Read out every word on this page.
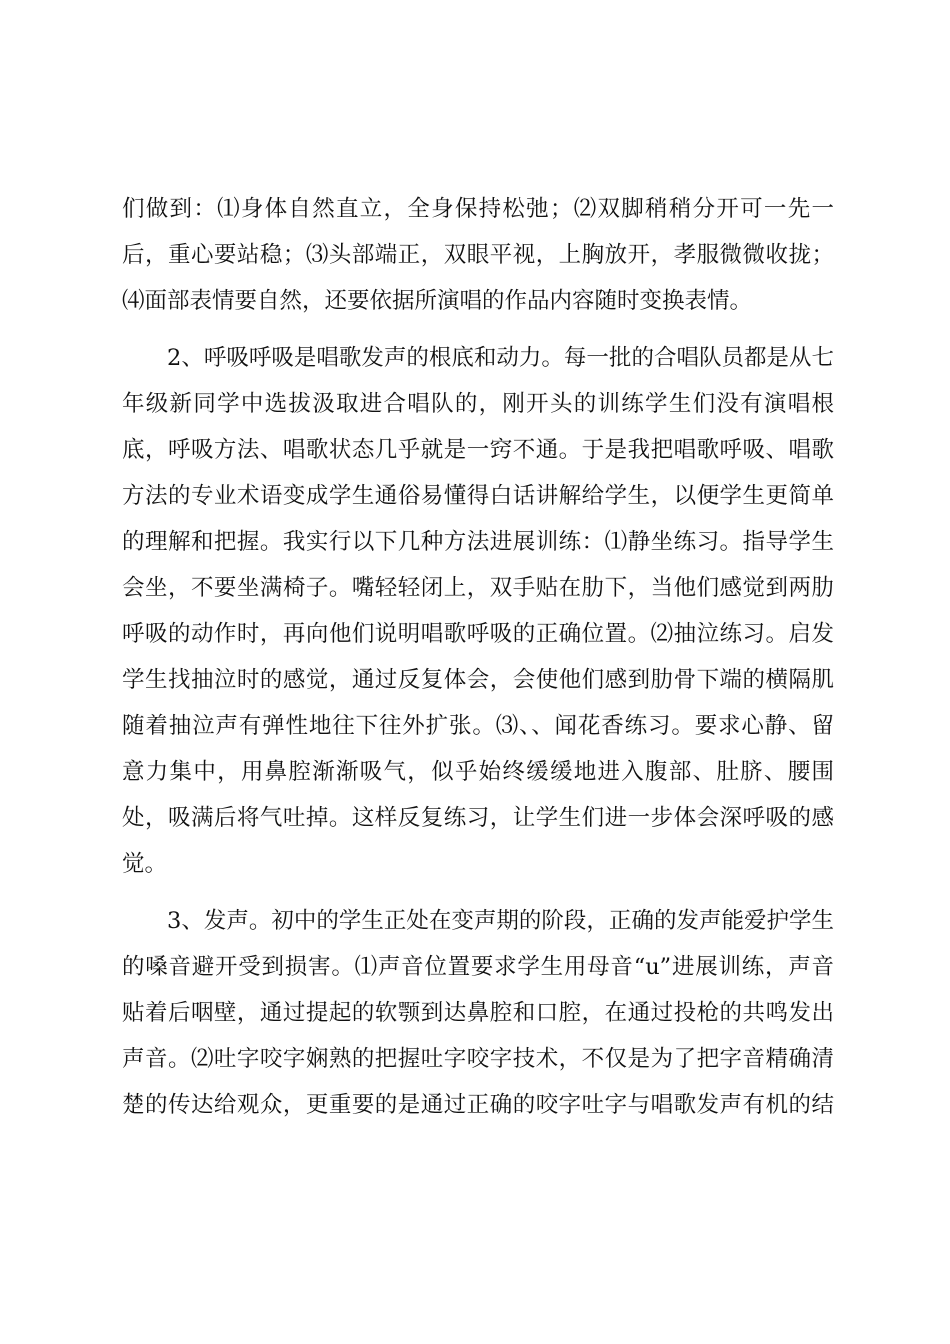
们做到：⑴身体自然直立，全身保持松弛；⑵双脚稍稍分开可一先一
后，重心要站稳；⑶头部端正，双眼平视，上胸放开，孝服微微收拢；
⑷面部表情要自然，还要依据所演唱的作品内容随时变换表情。
2、呼吸呼吸是唱歌发声的根底和动力。每一批的合唱队员都是从七
年级新同学中选拔汲取进合唱队的，刚开头的训练学生们没有演唱根
底，呼吸方法、唱歌状态几乎就是一窍不通。于是我把唱歌呼吸、唱歌
方法的专业术语变成学生通俗易懂得白话讲解给学生，以便学生更简单
的理解和把握。我实行以下几种方法进展训练：⑴静坐练习。指导学生
会坐，不要坐满椅子。嘴轻轻闭上，双手贴在肋下，当他们感觉到两肋
呼吸的动作时，再向他们说明唱歌呼吸的正确位置。⑵抽泣练习。启发
学生找抽泣时的感觉，通过反复体会，会使他们感到肋骨下端的横隔肌
随着抽泣声有弹性地往下往外扩张。⑶、、闻花香练习。要求心静、留
意力集中，用鼻腔渐渐吸气，似乎始终缓缓地进入腹部、肚脐、腰围
处，吸满后将气吐掉。这样反复练习，让学生们进一步体会深呼吸的感
觉。
3、发声。初中的学生正处在变声期的阶段，正确的发声能爱护学生
的嗓音避开受到损害。⑴声音位置要求学生用母音“u”进展训练，声音
贴着后咽壁，通过提起的软颚到达鼻腔和口腔，在通过投枪的共鸣发出
声音。⑵吐字咬字娴熟的把握吐字咬字技术，不仅是为了把字音精确清
楚的传达给观众，更重要的是通过正确的咬字吐字与唱歌发声有机的结
